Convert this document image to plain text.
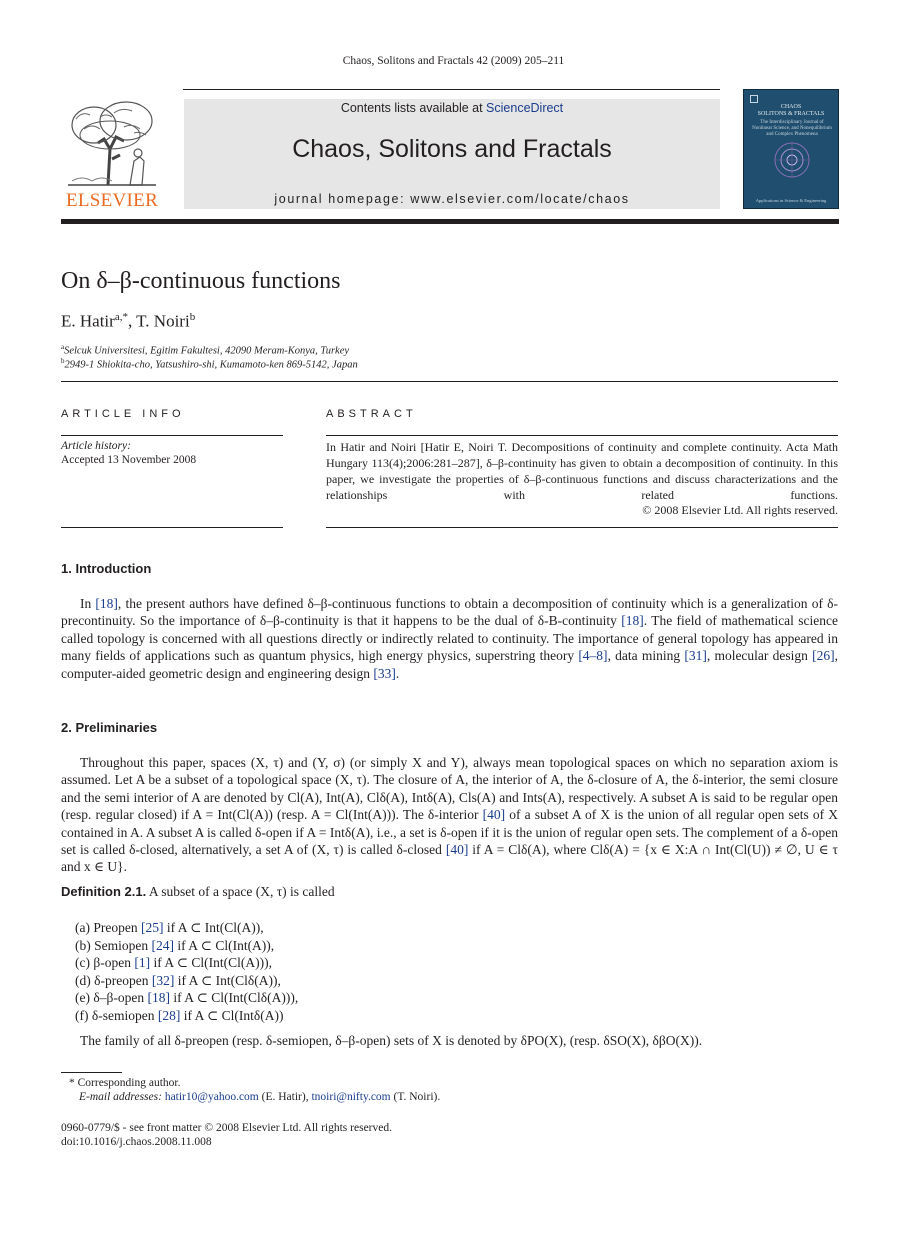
Chaos, Solitons and Fractals 42 (2009) 205–211
ELSEVIER
Contents lists available at ScienceDirect
Chaos, Solitons and Fractals
journal homepage: www.elsevier.com/locate/chaos
CHAOS
SOLITONS & FRACTALS
The Interdisciplinary Journal of Nonlinear Science, and Nonequilibrium and Complex Phenomena
Applications in Science & Engineering
On δ–β-continuous functions
E. Hatir$^{a,*}$, T. Noiri$^b$
$^a$Selcuk Universitesi, Egitim Fakultesi, 42090 Meram-Konya, Turkey
$^b$2949-1 Shiokita-cho, Yatsushiro-shi, Kumamoto-ken 869-5142, Japan
ARTICLE INFO	ABSTRACT
Article history:
Accepted 13 November 2008
In Hatir and Noiri [Hatir E, Noiri T. Decompositions of continuity and complete continuity. Acta Math Hungary 113(4);2006:281–287], δ–β-continuity has given to obtain a decomposition of continuity. In this paper, we investigate the properties of δ–β-continuous functions and discuss characterizations and the relationships with related functions.
© 2008 Elsevier Ltd. All rights reserved.
1. Introduction
In [18], the present authors have defined δ–β-continuous functions to obtain a decomposition of continuity which is a generalization of δ-precontinuity. So the importance of δ–β-continuity is that it happens to be the dual of δ-B-continuity [18]. The field of mathematical science called topology is concerned with all questions directly or indirectly related to continuity. The importance of general topology has appeared in many fields of applications such as quantum physics, high energy physics, superstring theory [4–8], data mining [31], molecular design [26], computer-aided geometric design and engineering design [33].
2. Preliminaries
Throughout this paper, spaces (X, τ) and (Y, σ) (or simply X and Y), always mean topological spaces on which no separation axiom is assumed. Let A be a subset of a topological space (X, τ). The closure of A, the interior of A, the δ-closure of A, the δ-interior, the semi closure and the semi interior of A are denoted by Cl(A), Int(A), Clδ(A), Intδ(A), Cls(A) and Ints(A), respectively. A subset A is said to be regular open (resp. regular closed) if A = Int(Cl(A)) (resp. A = Cl(Int(A))). The δ-interior [40] of a subset A of X is the union of all regular open sets of X contained in A. A subset A is called δ-open if A = Intδ(A), i.e., a set is δ-open if it is the union of regular open sets. The complement of a δ-open set is called δ-closed, alternatively, a set A of (X, τ) is called δ-closed [40] if A = Clδ(A), where Clδ(A) = {x ∈ X:A ∩ Int(Cl(U)) ≠ ∅, U ∈ τ and x ∈ U}.
Definition 2.1. A subset of a space (X, τ) is called
(a) Preopen [25] if A ⊂ Int(Cl(A)),
(b) Semiopen [24] if A ⊂ Cl(Int(A)),
(c) β-open [1] if A ⊂ Cl(Int(Cl(A))),
(d) δ-preopen [32] if A ⊂ Int(Clδ(A)),
(e) δ–β-open [18] if A ⊂ Cl(Int(Clδ(A))),
(f) δ-semiopen [28] if A ⊂ Cl(Intδ(A))
The family of all δ-preopen (resp. δ-semiopen, δ–β-open) sets of X is denoted by δPO(X), (resp. δSO(X), δβO(X)).
* Corresponding author.
E-mail addresses: hatir10@yahoo.com (E. Hatir), tnoiri@nifty.com (T. Noiri).
0960-0779/$ - see front matter © 2008 Elsevier Ltd. All rights reserved.
doi:10.1016/j.chaos.2008.11.008
